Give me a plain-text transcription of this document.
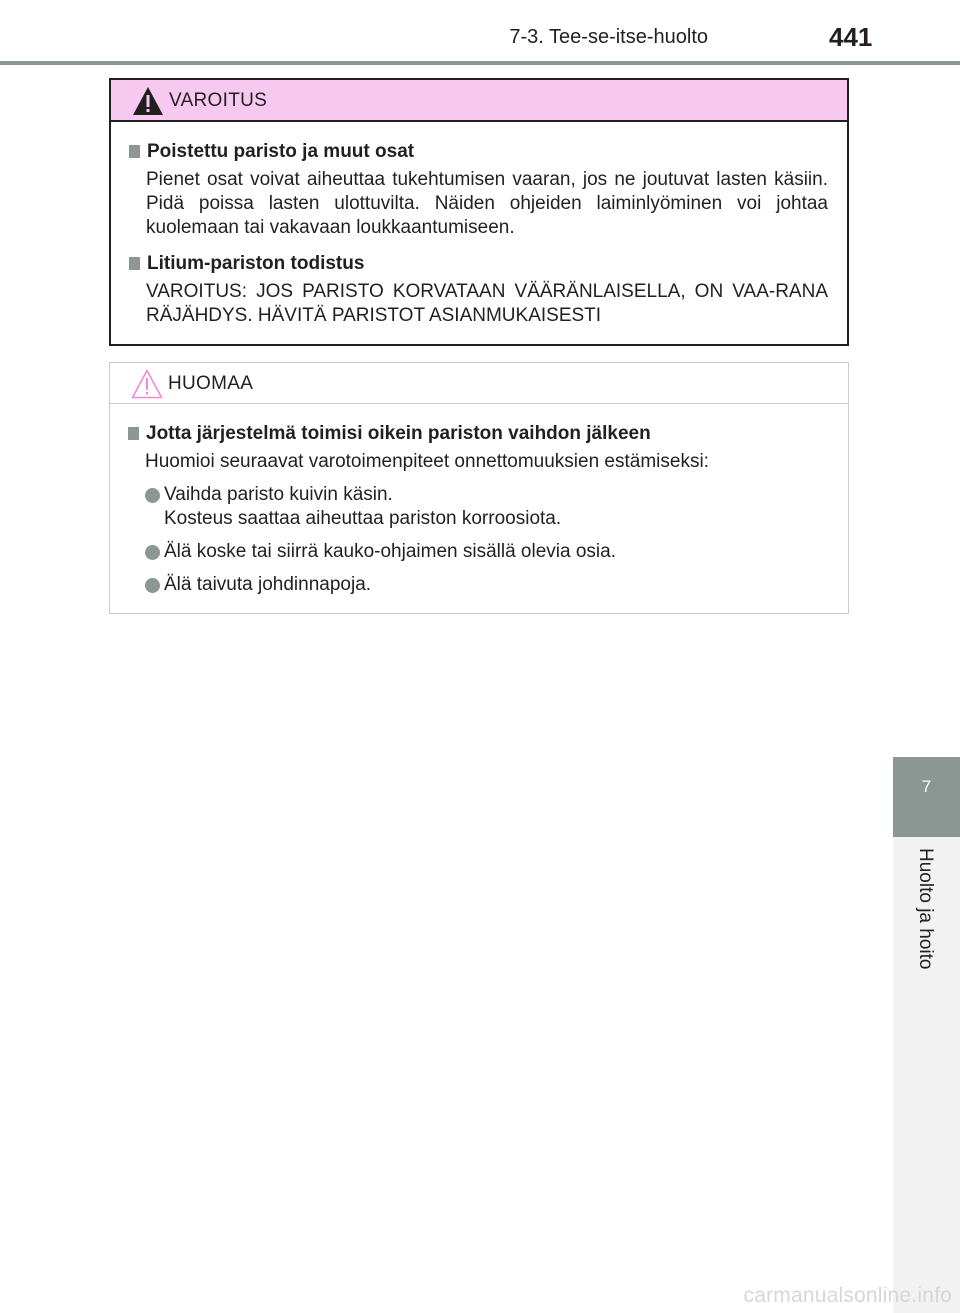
7-3. Tee-se-itse-huolto	441
7
Huolto ja hoito
VAROITUS
Poistettu paristo ja muut osat
Pienet osat voivat aiheuttaa tukehtumisen vaaran, jos ne joutuvat lasten käsiin. Pidä poissa lasten ulottuvilta. Näiden ohjeiden laiminlyöminen voi johtaa kuolemaan tai vakavaan loukkaantumiseen.
Litium-pariston todistus
VAROITUS: JOS PARISTO KORVATAAN VÄÄRÄNLAISELLA, ON VAA-RANA RÄJÄHDYS. HÄVITÄ PARISTOT ASIANMUKAISESTI
HUOMAA
Jotta järjestelmä toimisi oikein pariston vaihdon jälkeen
Huomioi seuraavat varotoimenpiteet onnettomuuksien estämiseksi:
Vaihda paristo kuivin käsin.
Kosteus saattaa aiheuttaa pariston korroosiota.
Älä koske tai siirrä kauko-ohjaimen sisällä olevia osia.
Älä taivuta johdinnapoja.
carmanualsonline.info
